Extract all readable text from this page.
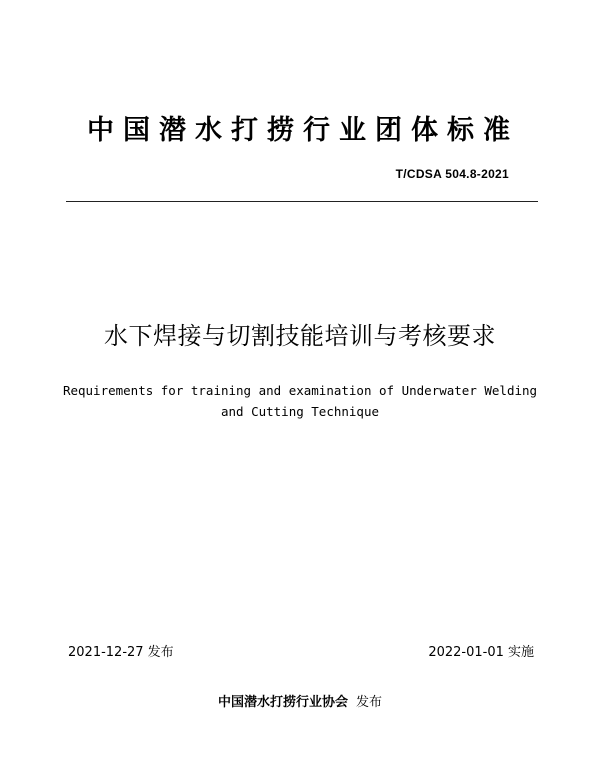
中国潜水打捞行业团体标准
T/CDSA 504.8-2021
水下焊接与切割技能培训与考核要求
Requirements for training and examination of Underwater Welding
and Cutting Technique
2021-12-27 发布	2022-01-01 实施
中国潜水打捞行业协会 发布
